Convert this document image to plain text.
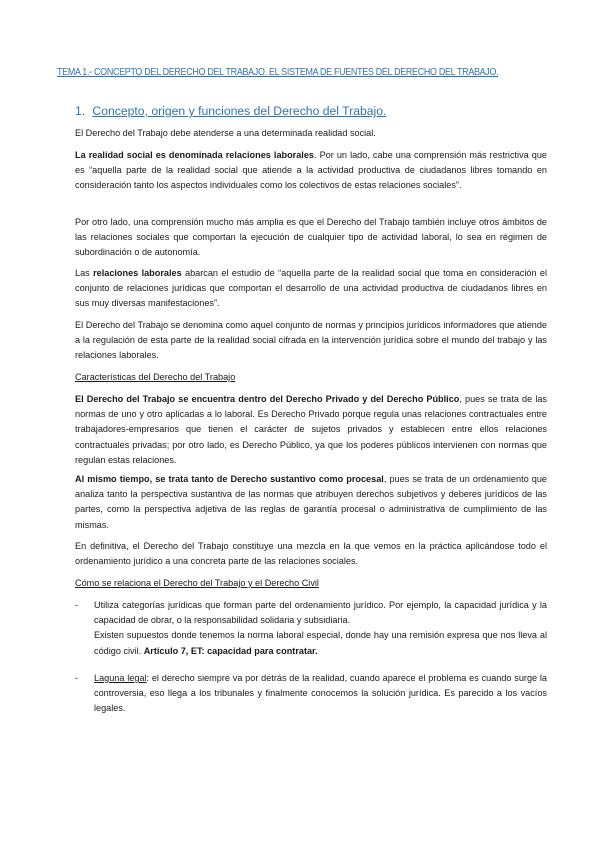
TEMA 1.- CONCEPTO DEL DERECHO DEL TRABAJO. EL SISTEMA DE FUENTES DEL DERECHO DEL TRABAJO.
1. Concepto, origen y funciones del Derecho del Trabajo.

El Derecho del Trabajo debe atenderse a una determinada realidad social.

La realidad social es denominada relaciones laborales. Por un lado, cabe una comprensión más restrictiva que es “aquella parte de la realidad social que atiende a la actividad productiva de ciudadanos libres tomando en consideración tanto los aspectos individuales como los colectivos de estas relaciones sociales”.

Por otro lado, una comprensión mucho más amplia es que el Derecho del Trabajo también incluye otros ámbitos de las relaciones sociales que comportan la ejecución de cualquier tipo de actividad laboral, lo sea en régimen de subordinación o de autonomía.

Las relaciones laborales abarcan el estudio de “aquella parte de la realidad social que toma en consideración el conjunto de relaciones jurídicas que comportan el desarrollo de una actividad productiva de ciudadanos libres en sus muy diversas manifestaciones”.

El Derecho del Trabajo se denomina como aquel conjunto de normas y principios jurídicos informadores que atiende a la regulación de esta parte de la realidad social cifrada en la intervención jurídica sobre el mundo del trabajo y las relaciones laborales.

Características del Derecho del Trabajo

El Derecho del Trabajo se encuentra dentro del Derecho Privado y del Derecho Público, pues se trata de las normas de uno y otro aplicadas a lo laboral. Es Derecho Privado porque regula unas relaciones contractuales entre trabajadores-empresarios que tienen el carácter de sujetos privados y establecen entre ellos relaciones contractuales privadas; por otro lado, es Derecho Público, ya que los poderes públicos intervienen con normas que regulan estas relaciones.

Al mismo tiempo, se trata tanto de Derecho sustantivo como procesal, pues se trata de un ordenamiento que analiza tanto la perspectiva sustantiva de las normas que atribuyen derechos subjetivos y deberes jurídicos de las partes, como la perspectiva adjetiva de las reglas de garantía procesal o administrativa de cumplimiento de las mismas.

En definitiva, el Derecho del Trabajo constituye una mezcla en la que vemos en la práctica aplicándose todo el ordenamiento jurídico a una concreta parte de las relaciones sociales.

Cómo se relaciona el Derecho del Trabajo y el Derecho Civil

- Utiliza categorías jurídicas que forman parte del ordenamiento jurídico. Por ejemplo, la capacidad jurídica y la capacidad de obrar, o la responsabilidad solidaria y subsidiaria.
Existen supuestos donde tenemos la norma laboral especial, donde hay una remisión expresa que nos lleva al código civil. Artículo 7, ET: capacidad para contratar.
- Laguna legal: el derecho siempre va por detrás de la realidad, cuando aparece el problema es cuando surge la controversia, eso llega a los tribunales y finalmente conocemos la solución jurídica. Es parecido a los vacíos legales.
